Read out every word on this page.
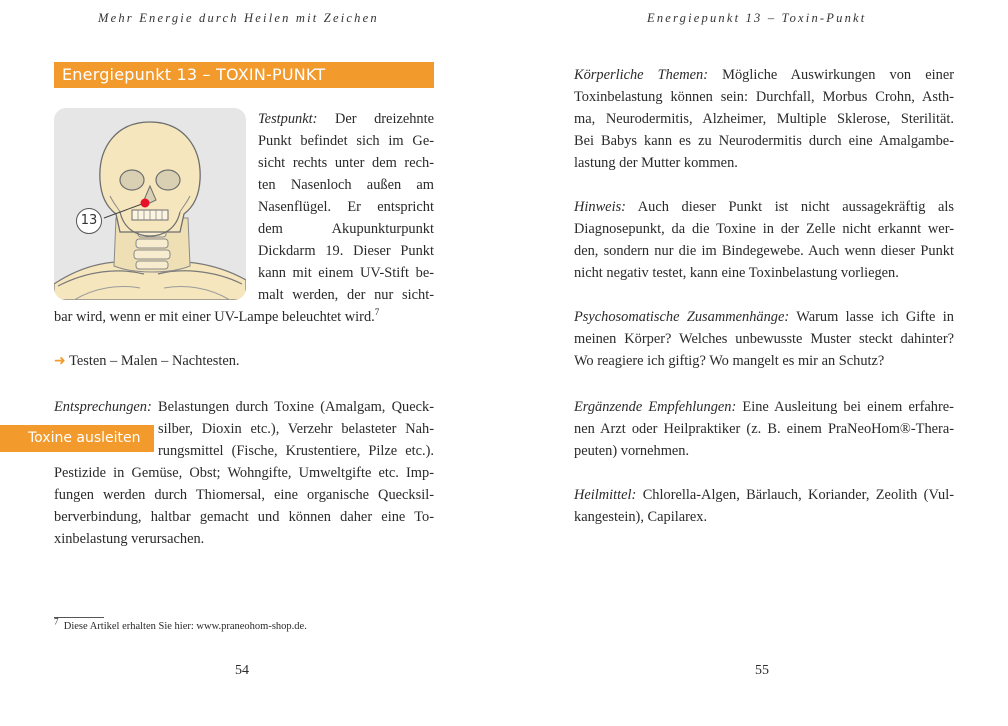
Mehr Energie durch Heilen mit Zeichen
Energiepunkt 13 – TOXIN-PUNKT
13
Testpunkt: Der dreizehnte
Punkt befindet sich im Ge-
sicht rechts unter dem rech-
ten Nasenloch außen am
Nasenflügel. Er entspricht
dem Akupunkturpunkt
Dickdarm 19. Dieser Punkt
kann mit einem UV-Stift be-
malt werden, der nur sicht-
bar wird, wenn er mit einer UV-Lampe beleuchtet wird.$^7$
➜ Testen – Malen – Nachtesten.
Entsprechungen: Belastungen durch Toxine (Amalgam, Queck-
silber, Dioxin etc.), Verzehr belasteter Nah-
rungsmittel (Fische, Krustentiere, Pilze etc.).
Pestizide in Gemüse, Obst; Wohngifte, Umweltgifte etc. Imp-
fungen werden durch Thiomersal, eine organische Quecksil-
berverbindung, haltbar gemacht und können daher eine To-
xinbelastung verursachen.
Toxine ausleiten
$^7$ Diese Artikel erhalten Sie hier: www.praneohom-shop.de.
54
Energiepunkt 13 – Toxin-Punkt
Körperliche Themen: Mögliche Auswirkungen von einer
Toxinbelastung können sein: Durchfall, Morbus Crohn, Asth-
ma, Neurodermitis, Alzheimer, Multiple Sklerose, Sterilität.
Bei Babys kann es zu Neurodermitis durch eine Amalgambe-
lastung der Mutter kommen.
Hinweis: Auch dieser Punkt ist nicht aussagekräftig als
Diagnosepunkt, da die Toxine in der Zelle nicht erkannt wer-
den, sondern nur die im Bindegewebe. Auch wenn dieser Punkt
nicht negativ testet, kann eine Toxinbelastung vorliegen.
Psychosomatische Zusammenhänge: Warum lasse ich Gifte in
meinen Körper? Welches unbewusste Muster steckt dahinter?
Wo reagiere ich giftig? Wo mangelt es mir an Schutz?
Ergänzende Empfehlungen: Eine Ausleitung bei einem erfahre-
nen Arzt oder Heilpraktiker (z. B. einem PraNeoHom®-Thera-
peuten) vornehmen.
Heilmittel: Chlorella-Algen, Bärlauch, Koriander, Zeolith (Vul-
kangestein), Capilarex.
55
